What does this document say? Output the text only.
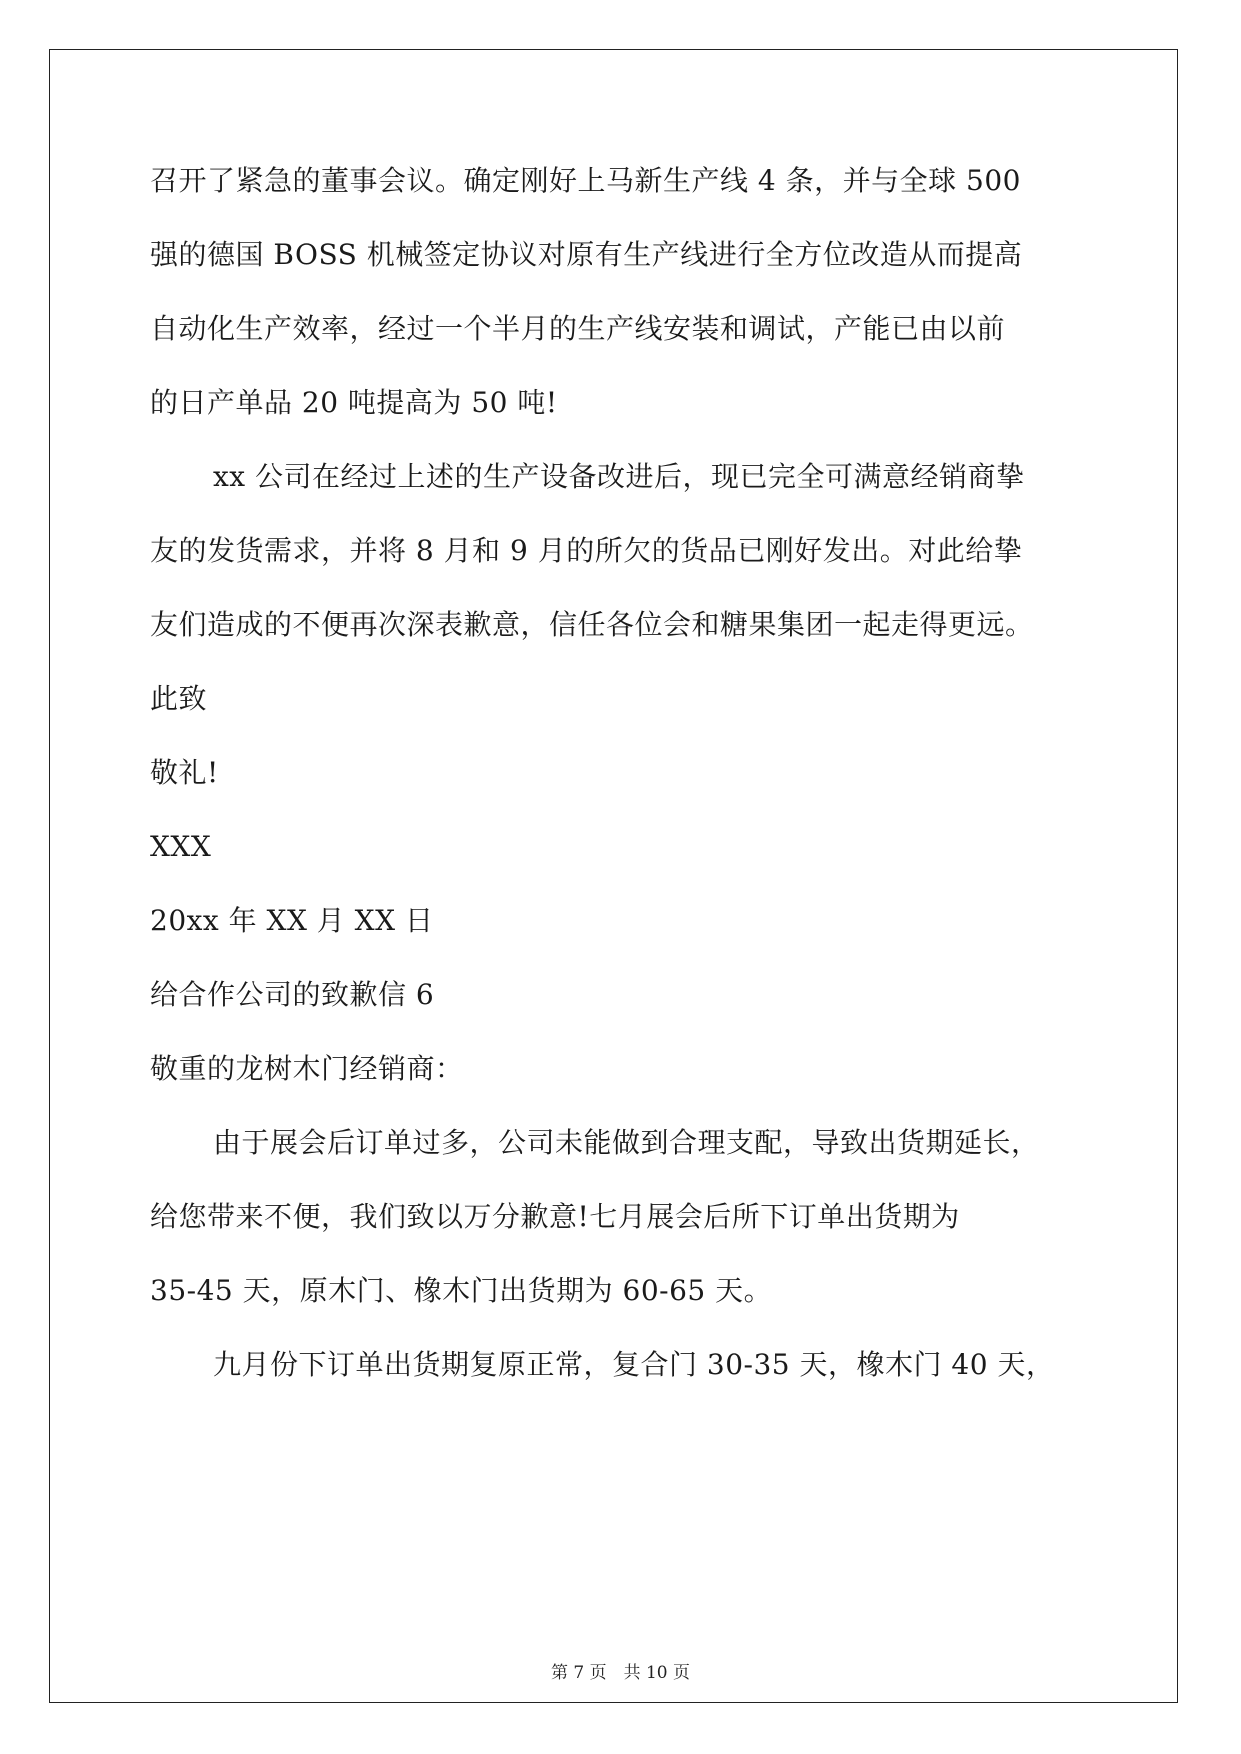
召开了紧急的董事会议。确定刚好上马新生产线 4 条，并与全球 500
强的德国 BOSS 机械签定协议对原有生产线进行全方位改造从而提高
自动化生产效率，经过一个半月的生产线安装和调试，产能已由以前
的日产单品 20 吨提高为 50 吨!
xx 公司在经过上述的生产设备改进后，现已完全可满意经销商挚
友的发货需求，并将 8 月和 9 月的所欠的货品已刚好发出。对此给挚
友们造成的不便再次深表歉意，信任各位会和糖果集团一起走得更远。
此致
敬礼!
XXX
20xx 年 XX 月 XX 日
给合作公司的致歉信 6
敬重的龙树木门经销商：
由于展会后订单过多，公司未能做到合理支配，导致出货期延长，
给您带来不便，我们致以万分歉意!七月展会后所下订单出货期为
35-45 天，原木门、橡木门出货期为 60-65 天。
九月份下订单出货期复原正常，复合门 30-35 天，橡木门 40 天，
第 7 页　共 10 页
